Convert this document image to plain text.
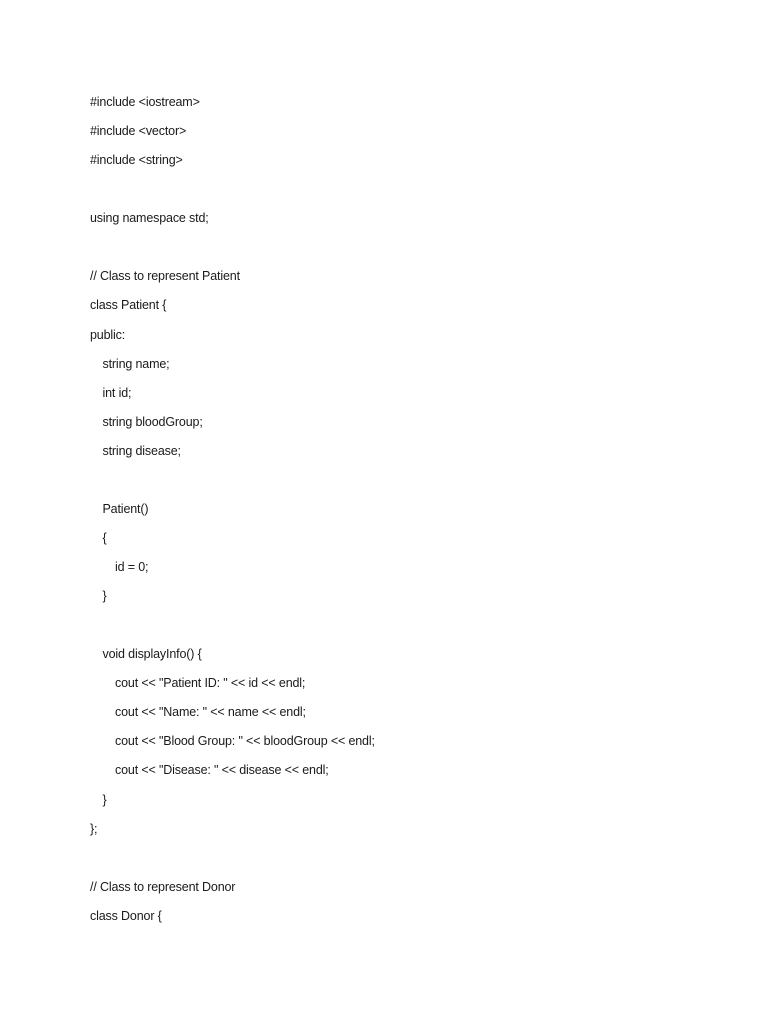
#include <iostream>
#include <vector>
#include <string>
using namespace std;
// Class to represent Patient
class Patient {
public:
string name;
int id;
string bloodGroup;
string disease;
Patient()
{
id = 0;
}
void displayInfo() {
cout << "Patient ID: " << id << endl;
cout << "Name: " << name << endl;
cout << "Blood Group: " << bloodGroup << endl;
cout << "Disease: " << disease << endl;
}
};
// Class to represent Donor
class Donor {
